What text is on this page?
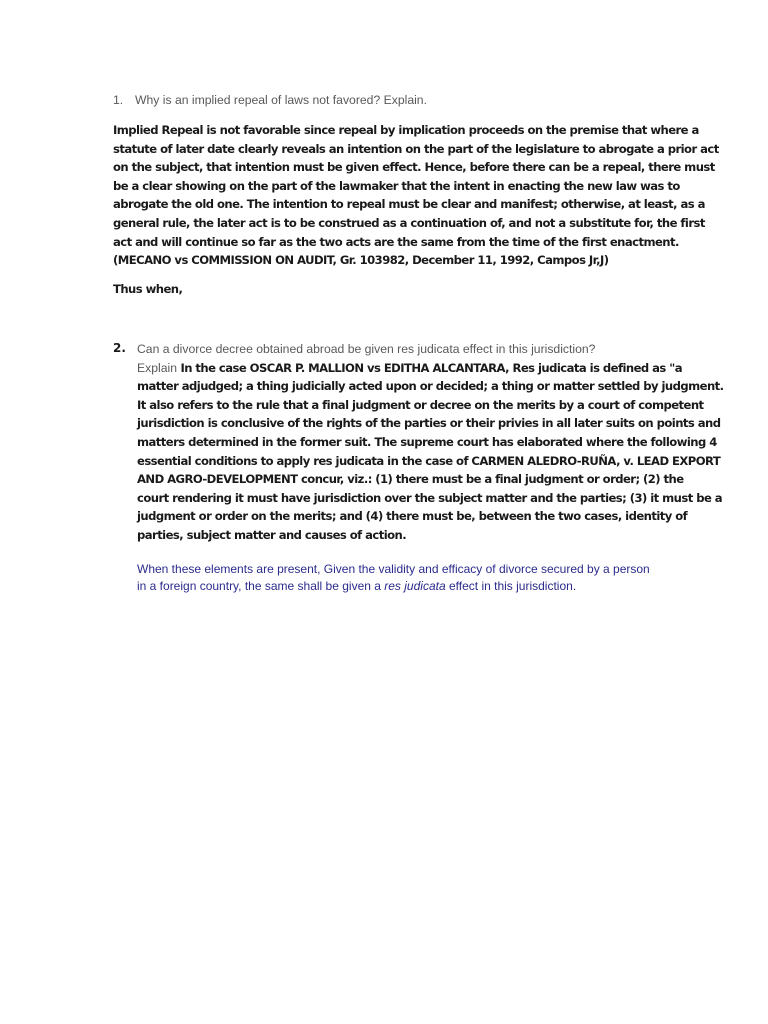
1. Why is an implied repeal of laws not favored? Explain.
Implied Repeal is not favorable since repeal by implication proceeds on the premise that where a
statute of later date clearly reveals an intention on the part of the legislature to abrogate a prior act
on the subject, that intention must be given effect. Hence, before there can be a repeal, there must
be a clear showing on the part of the lawmaker that the intent in enacting the new law was to
abrogate the old one. The intention to repeal must be clear and manifest; otherwise, at least, as a
general rule, the later act is to be construed as a continuation of, and not a substitute for, the first
act and will continue so far as the two acts are the same from the time of the first enactment.
(MECANO vs COMMISSION ON AUDIT, Gr. 103982, December 11, 1992, Campos Jr,J)
Thus when,
2. Can a divorce decree obtained abroad be given res judicata effect in this jurisdiction?
Explain In the case OSCAR P. MALLION vs EDITHA ALCANTARA, Res judicata is defined as "a
matter adjudged; a thing judicially acted upon or decided; a thing or matter settled by judgment.
It also refers to the rule that a final judgment or decree on the merits by a court of competent
jurisdiction is conclusive of the rights of the parties or their privies in all later suits on points and
matters determined in the former suit. The supreme court has elaborated where the following 4
essential conditions to apply res judicata in the case of CARMEN ALEDRO-RUÑA, v. LEAD EXPORT
AND AGRO-DEVELOPMENT concur, viz.: (1) there must be a final judgment or order; (2) the
court rendering it must have jurisdiction over the subject matter and the parties; (3) it must be a
judgment or order on the merits; and (4) there must be, between the two cases, identity of
parties, subject matter and causes of action.
When these elements are present, Given the validity and efficacy of divorce secured by a person
in a foreign country, the same shall be given a res judicata effect in this jurisdiction.
